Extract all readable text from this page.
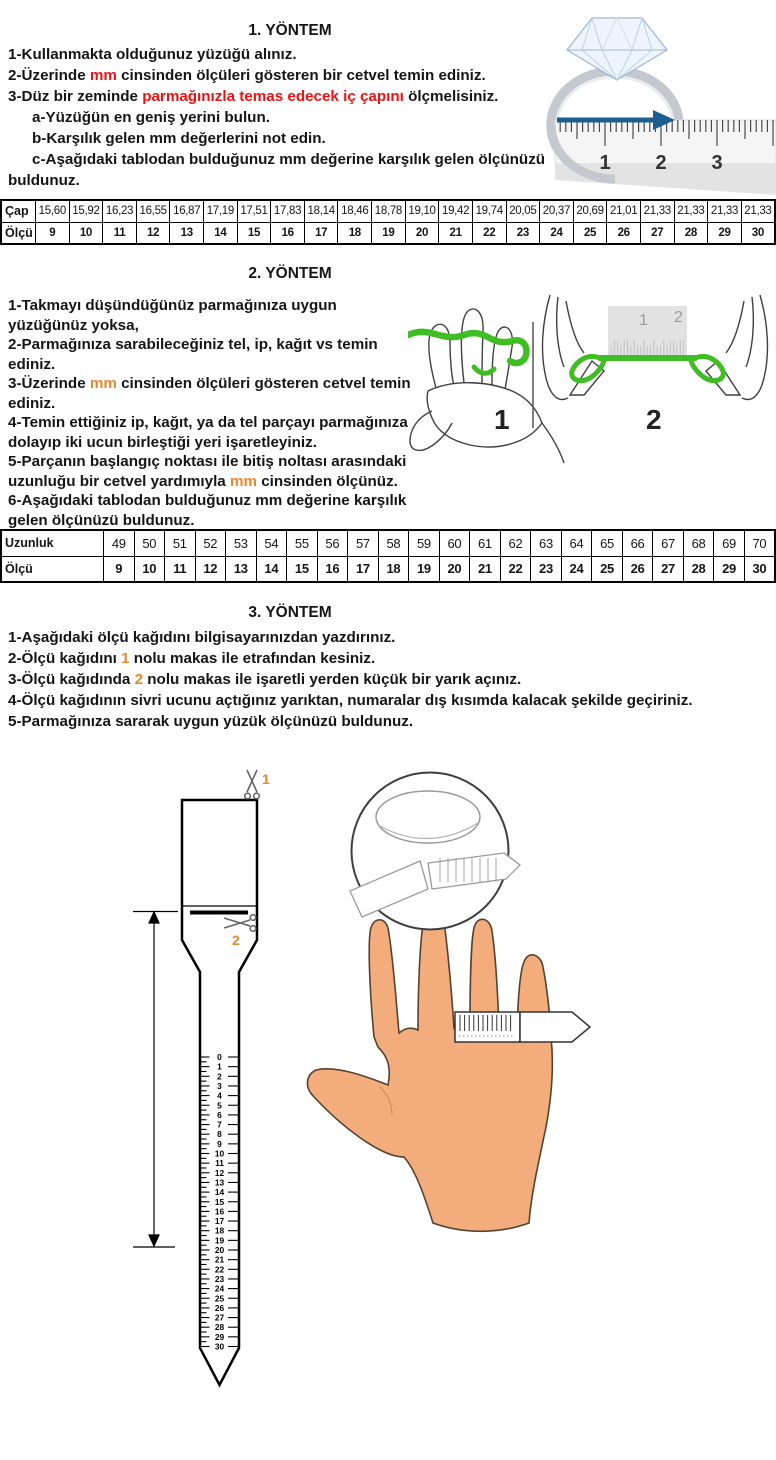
1. YÖNTEM
1-Kullanmakta olduğunuz yüzüğü alınız.
2-Üzerinde mm cinsinden ölçüleri gösteren bir cetvel temin ediniz.
3-Düz bir zeminde parmağınızla temas edecek iç çapını ölçmelisiniz.
a-Yüzüğün en geniş yerini bulun.
b-Karşılık gelen mm değerlerini not edin.
c-Aşağıdaki tablodan bulduğunuz mm değerine karşılık gelen ölçünüzü
buldunuz.
1 2 3
Çap	15,60	15,92	16,23	16,55	16,87	17,19	17,51	17,83	18,14	18,46	18,78	19,10	19,42	19,74	20,05	20,37	20,69	21,01	21,33	21,33	21,33	21,33
Ölçü	9	10	11	12	13	14	15	16	17	18	19	20	21	22	23	24	25	26	27	28	29	30
2. YÖNTEM
1-Takmayı düşündüğünüz parmağınıza uygun
yüzüğünüz yoksa,
2-Parmağınıza sarabileceğiniz tel, ip, kağıt vs temin
ediniz.
3-Üzerinde mm cinsinden ölçüleri gösteren cetvel temin
ediniz.
4-Temin ettiğiniz ip, kağıt, ya da tel parçayı parmağınıza
dolayıp iki ucun birleştiği yeri işaretleyiniz.
5-Parçanın başlangıç noktası ile bitiş noltası arasındaki
uzunluğu bir cetvel yardımıyla mm cinsinden ölçünüz.
6-Aşağıdaki tablodan bulduğunuz mm değerine karşılık
gelen ölçünüzü buldunuz.
1
1 2
2
Uzunluk	49	50	51	52	53	54	55	56	57	58	59	60	61	62	63	64	65	66	67	68	69	70
Ölçü	9	10	11	12	13	14	15	16	17	18	19	20	21	22	23	24	25	26	27	28	29	30
3. YÖNTEM
1-Aşağıdaki ölçü kağıdını bilgisayarınızdan yazdırınız.
2-Ölçü kağıdını 1 nolu makas ile etrafından kesiniz.
3-Ölçü kağıdında 2 nolu makas ile işaretli yerden küçük bir yarık açınız.
4-Ölçü kağıdının sivri ucunu açtığınız yarıktan, numaralar dış kısımda kalacak şekilde geçiriniz.
5-Parmağınıza sararak uygun yüzük ölçünüzü buldunuz.
1
2
0
1
2
3
4
5
6
7
8
9
10
11
12
13
14
15
16
17
18
19
20
21
22
23
24
25
26
27
28
29
30
